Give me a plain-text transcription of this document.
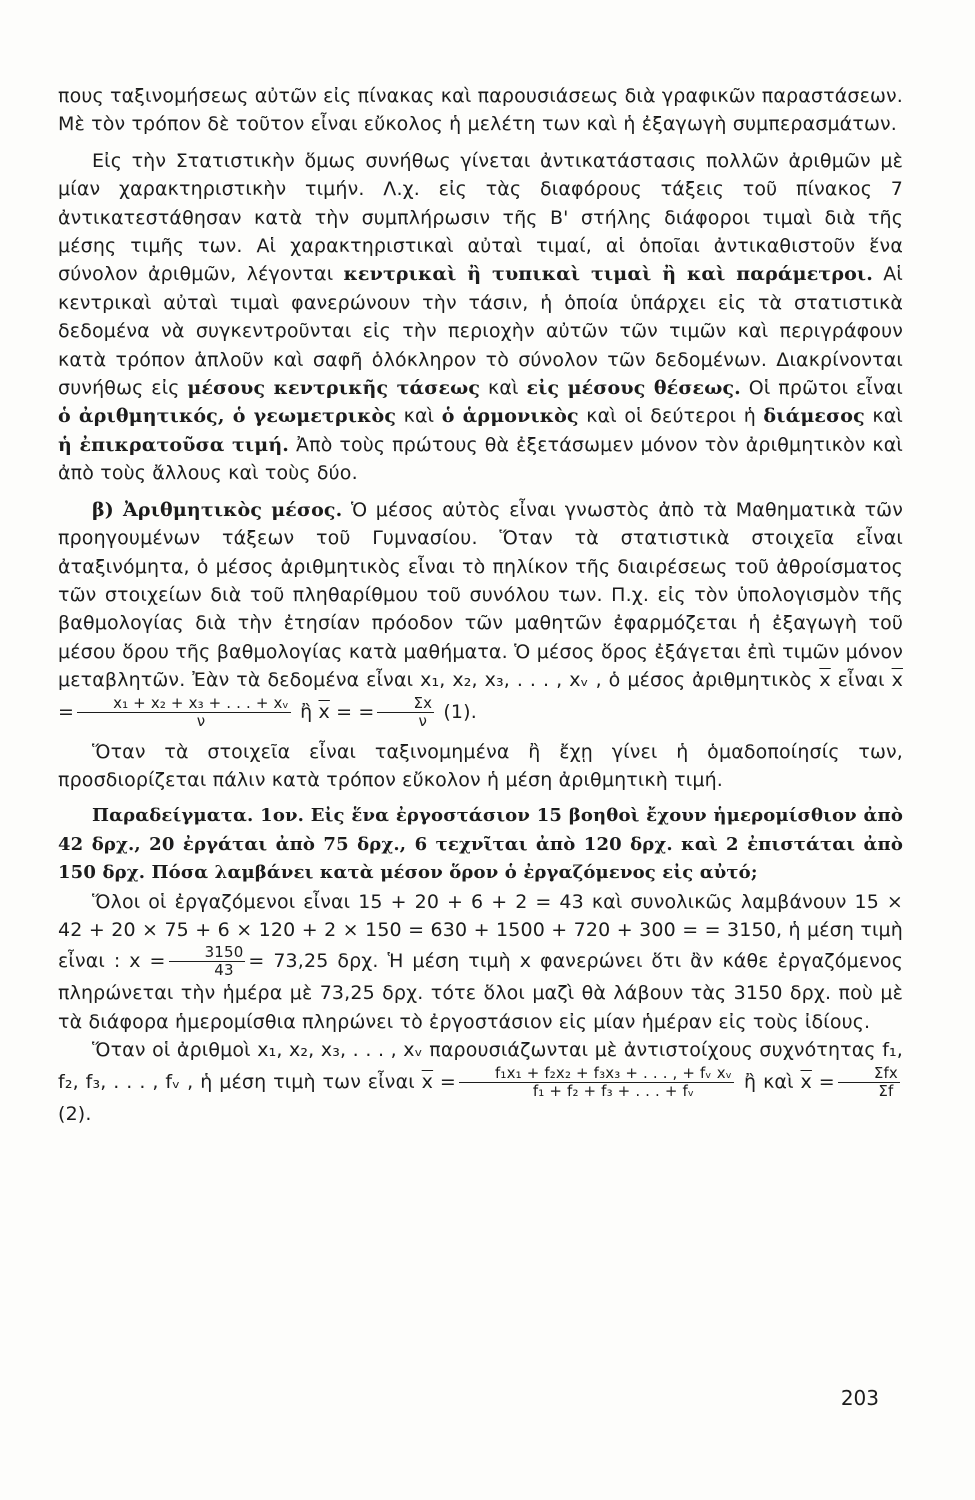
πους ταξινομήσεως αὐτῶν εἰς πίνακας καὶ παρουσιάσεως διὰ γραφικῶν παραστάσεων. Μὲ τὸν τρόπον δὲ τοῦτον εἶναι εὔκολος ἡ μελέτη των καὶ ἡ ἐξαγωγὴ συμπερασμάτων.

Εἰς τὴν Στατιστικὴν ὅμως συνήθως γίνεται ἀντικατάστασις πολλῶν ἀριθμῶν μὲ μίαν χαρακτηριστικὴν τιμήν. Λ.χ. εἰς τὰς διαφόρους τάξεις τοῦ πίνακος 7 ἀντικατεστάθησαν κατὰ τὴν συμπλήρωσιν τῆς Β' στήλης διάφοροι τιμαὶ διὰ τῆς μέσης τιμῆς των. Αἱ χαρακτηριστικαὶ αὐταὶ τιμαί, αἱ ὁποῖαι ἀντικαθιστοῦν ἕνα σύνολον ἀριθμῶν, λέγονται κεντρικαὶ ἢ τυπικαὶ τιμαὶ ἢ καὶ παράμετροι. Αἱ κεντρικαὶ αὐταὶ τιμαὶ φανερώνουν τὴν τάσιν, ἡ ὁποία ὑπάρχει εἰς τὰ στατιστικὰ δεδομένα νὰ συγκεντροῦνται εἰς τὴν περιοχὴν αὐτῶν τῶν τιμῶν καὶ περιγράφουν κατὰ τρόπον ἁπλοῦν καὶ σαφῆ ὁλόκληρον τὸ σύνολον τῶν δεδομένων. Διακρίνονται συνήθως εἰς μέσους κεντρικῆς τάσεως καὶ εἰς μέσους θέσεως. Οἱ πρῶτοι εἶναι ὁ ἀριθμητικός, ὁ γεωμετρικὸς καὶ ὁ ἁρμονικὸς καὶ οἱ δεύτεροι ἡ διάμεσος καὶ ἡ ἐπικρατοῦσα τιμή. Ἀπὸ τοὺς πρώτους θὰ ἐξετάσωμεν μόνον τὸν ἀριθμητικὸν καὶ ἀπὸ τοὺς ἄλλους καὶ τοὺς δύο.

β) Ἀριθμητικὸς μέσος. Ὁ μέσος αὐτὸς εἶναι γνωστὸς ἀπὸ τὰ Μαθηματικὰ τῶν προηγουμένων τάξεων τοῦ Γυμνασίου. Ὅταν τὰ στατιστικὰ στοιχεῖα εἶναι ἀταξινόμητα, ὁ μέσος ἀριθμητικὸς εἶναι τὸ πηλίκον τῆς διαιρέσεως τοῦ ἀθροίσματος τῶν στοιχείων διὰ τοῦ πληθαρίθμου τοῦ συνόλου των. Π.χ. εἰς τὸν ὑπολογισμὸν τῆς βαθμολογίας διὰ τὴν ἐτησίαν πρόοδον τῶν μαθητῶν ἐφαρμόζεται ἡ ἐξαγωγὴ τοῦ μέσου ὅρου τῆς βαθμολογίας κατὰ μαθήματα. Ὁ μέσος ὅρος ἐξάγεται ἐπὶ τιμῶν μόνον μεταβλητῶν. Ἐὰν τὰ δεδομένα εἶναι x₁, x₂, x₃, . . . , xᵥ , ὁ μέσος ἀριθμητικὸς $\overline{x}$ εἶναι $\overline{x} = \frac{\text{x₁ + x₂ + x₃ + . . . + xᵥ}}{\nu}$ ἢ $\overline{x}$ = = $\frac{\Sigma x}{\nu} (1)$.

Ὅταν τὰ στοιχεῖα εἶναι ταξινομημένα ἢ ἔχῃ γίνει ἡ ὁμαδοποίησίς των, προσδιορίζεται πάλιν κατὰ τρόπον εὔκολον ἡ μέση ἀριθμητικὴ τιμή.

Παραδείγματα. 1ον. Εἰς ἕνα ἐργοστάσιον 15 βοηθοὶ ἔχουν ἡμερομίσθιον ἀπὸ 42 δρχ., 20 ἐργάται ἀπὸ 75 δρχ., 6 τεχνῖται ἀπὸ 120 δρχ. καὶ 2 ἐπιστάται ἀπὸ 150 δρχ. Πόσα λαμβάνει κατὰ μέσον ὅρον ὁ ἐργαζόμενος εἰς αὐτό;

Ὅλοι οἱ ἐργαζόμενοι εἶναι 15 + 20 + 6 + 2 = 43 καὶ συνολικῶς λαμβάνουν 15 × 42 + 20 × 75 + 6 × 120 + 2 × 150 = 630 + 1500 + 720 + 300 = = 3150, ἡ μέση τιμὴ εἶναι : $x = \frac{3150}{43} = 73,25$ δρχ. Ἡ μέση τιμὴ x φανερώνει ὅτι ἂν κάθε ἐργαζόμενος πληρώνεται τὴν ἡμέρα μὲ 73,25 δρχ. τότε ὅλοι μαζὶ θὰ λάβουν τὰς 3150 δρχ. ποὺ μὲ τὰ διάφορα ἡμερομίσθια πληρώνει τὸ ἐργοστάσιον εἰς μίαν ἡμέραν εἰς τοὺς ἰδίους.

Ὅταν οἱ ἀριθμοὶ x₁, x₂, x₃, . . . , xᵥ παρουσιάζωνται μὲ ἀντιστοίχους συχνότητας f₁, f₂, f₃, . . . , fᵥ , ἡ μέση τιμὴ των εἶναι $\overline{x} = \frac{\text{f₁x₁ + f₂x₂ + f₃x₃ + . . . , + fᵥ xᵥ}}{\text{f₁ + f₂ + f₃ + . . . + fᵥ}}$ ἢ καὶ $\overline{x} = \frac{\text{Σfx}}{\Sigma f}$
(2).

203
